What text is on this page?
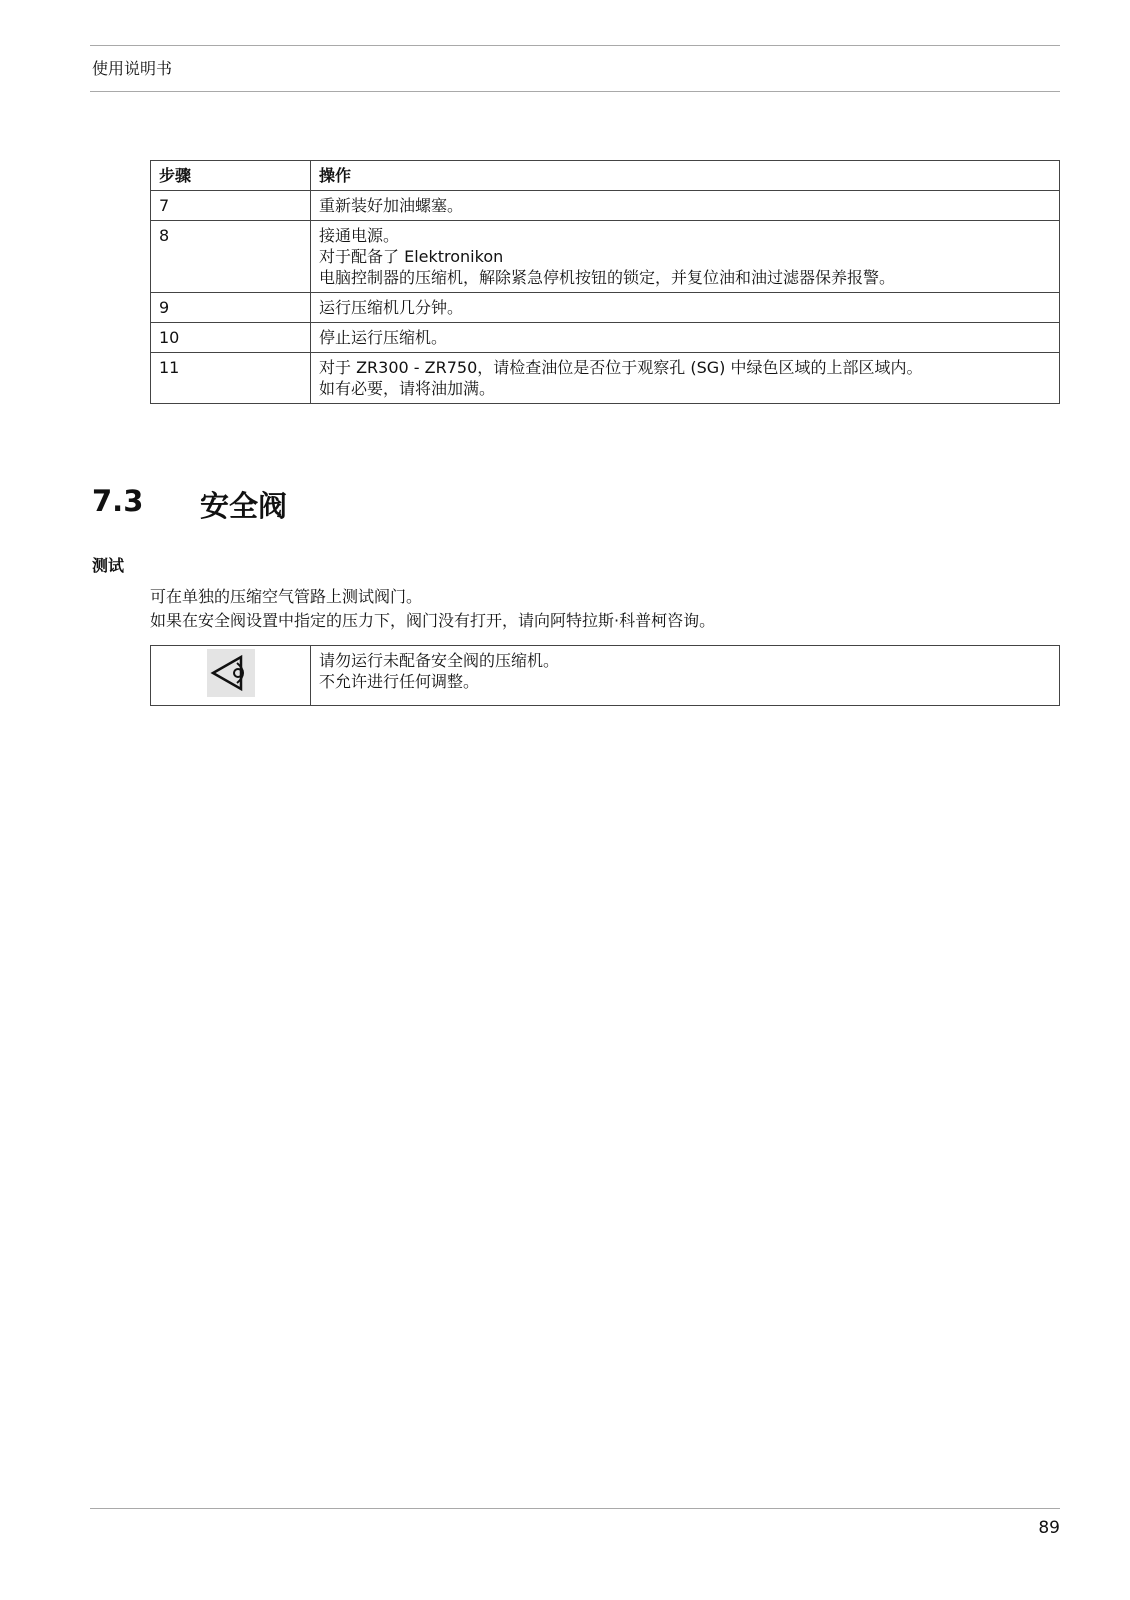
使用说明书
步骤	操作
7	重新装好加油螺塞。

8	接通电源。
对于配备了 Elektronikon
电脑控制器的压缩机，解除紧急停机按钮的锁定，并复位油和油过滤器保养报警。

9	运行压缩机几分钟。

10	停止运行压缩机。

11	对于 ZR300 - ZR750，请检查油位是否位于观察孔 (SG) 中绿色区域的上部区域内。
如有必要，请将油加满。
7.3 安全阀
测试
可在单独的压缩空气管路上测试阀门。
如果在安全阀设置中指定的压力下，阀门没有打开，请向阿特拉斯·科普柯咨询。

请勿运行未配备安全阀的压缩机。
不允许进行任何调整。
89
